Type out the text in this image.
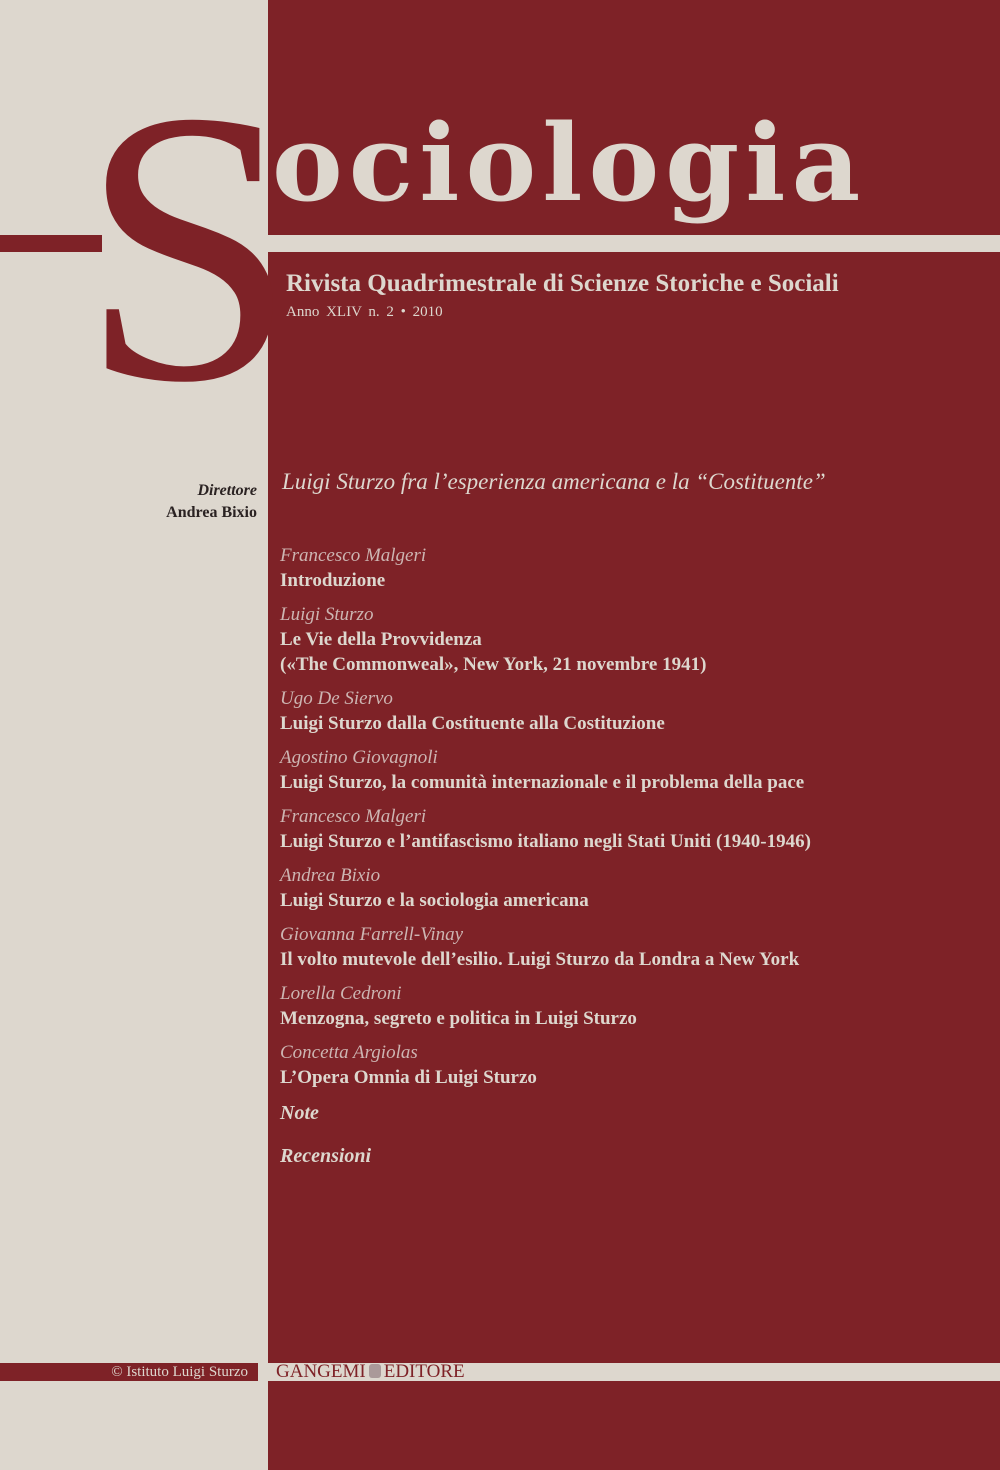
S
ociologia
Rivista Quadrimestrale di Scienze Storiche e Sociali
Anno XLIV n. 2 • 2010
Direttore
Andrea Bixio
Luigi Sturzo fra l’esperienza americana e la “Costituente”
Francesco Malgeri
Introduzione
Luigi Sturzo
Le Vie della Provvidenza
(«The Commonweal», New York, 21 novembre 1941)
Ugo De Siervo
Luigi Sturzo dalla Costituente alla Costituzione
Agostino Giovagnoli
Luigi Sturzo, la comunità internazionale e il problema della pace
Francesco Malgeri
Luigi Sturzo e l’antifascismo italiano negli Stati Uniti (1940-1946)
Andrea Bixio
Luigi Sturzo e la sociologia americana
Giovanna Farrell-Vinay
Il volto mutevole dell’esilio. Luigi Sturzo da Londra a New York
Lorella Cedroni
Menzogna, segreto e politica in Luigi Sturzo
Concetta Argiolas
L’Opera Omnia di Luigi Sturzo
Note
Recensioni
© Istituto Luigi Sturzo	GANGEMI EDITORE
